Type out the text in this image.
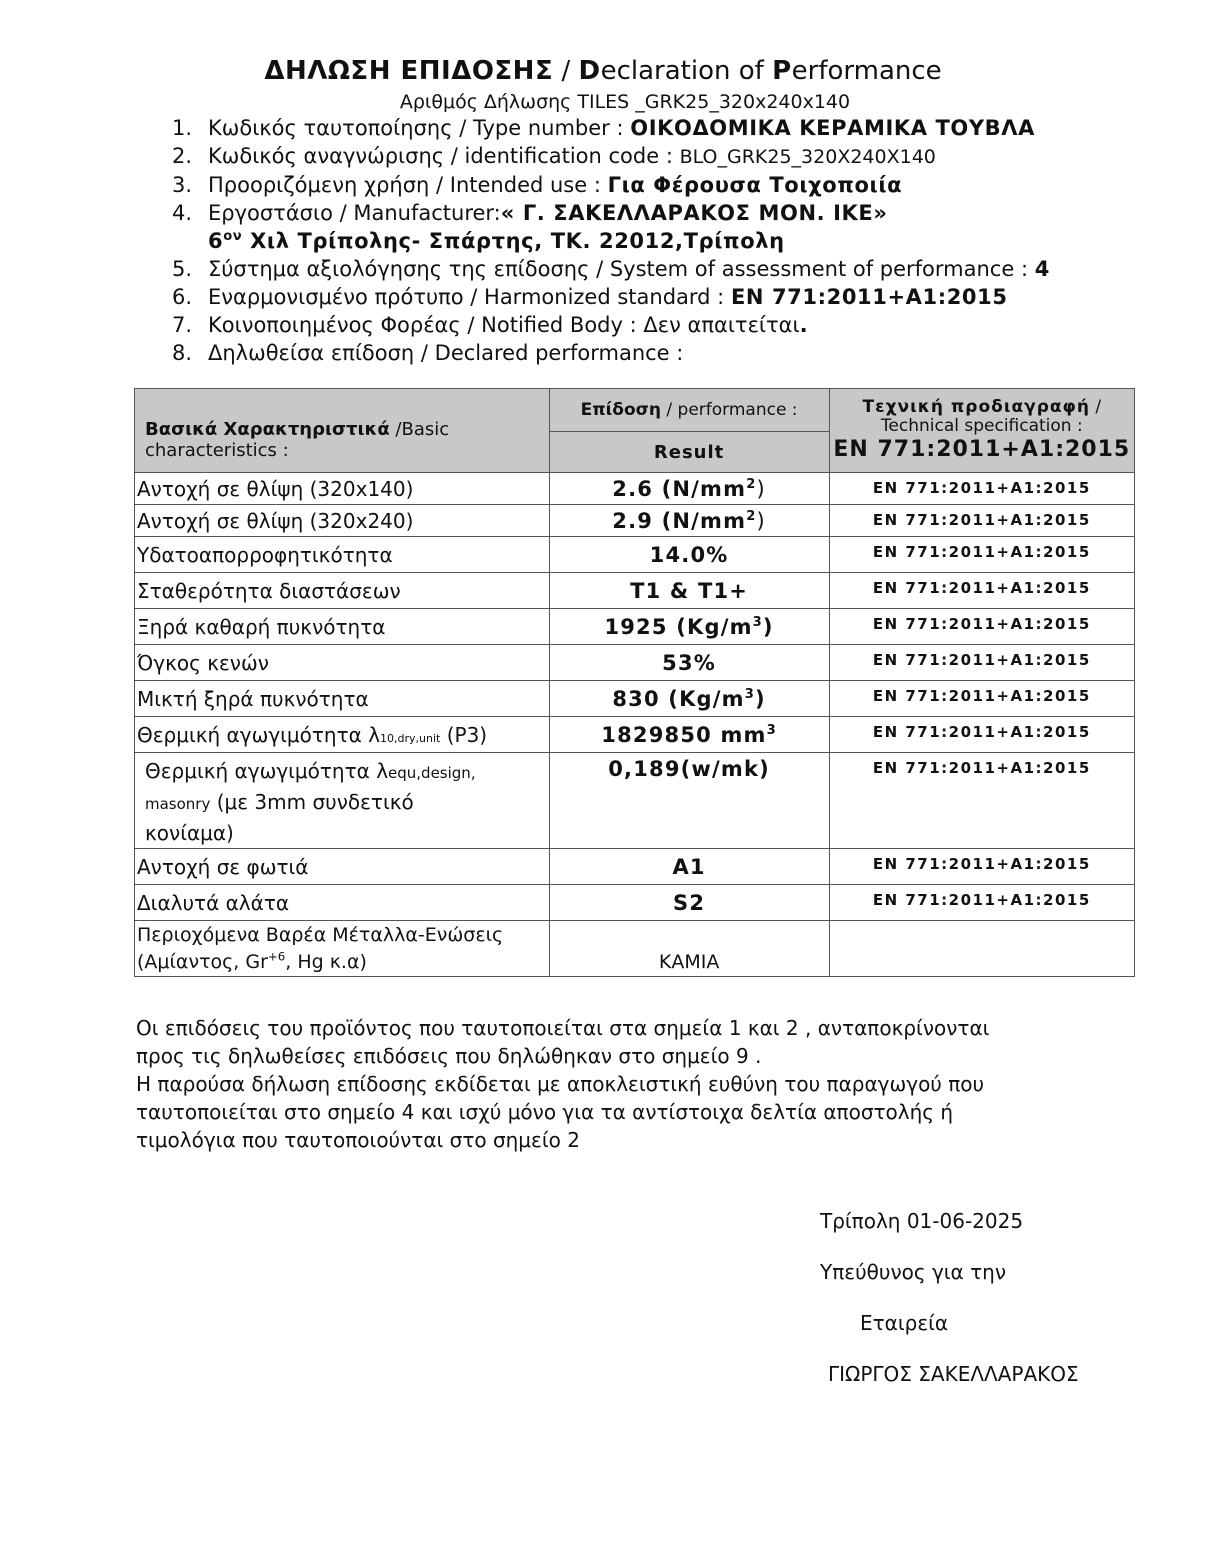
ΔΗΛΩΣΗ ΕΠΙΔΟΣΗΣ / Declaration of Performance
Αριθμός Δήλωσης TILES _GRK25_320x240x140
1. Κωδικός ταυτοποίησης / Type number : ΟΙΚΟΔΟΜΙΚΑ ΚΕΡΑΜΙΚΑ ΤΟΥΒΛΑ
2. Κωδικός αναγνώρισης / identification code : BLO_GRK25_320X240X140
3. Προοριζόμενη χρήση / Intended use : Για Φέρουσα Τοιχοποιία
4. Εργοστάσιο / Manufacturer:« Γ. ΣΑΚΕΛΛΑΡΑΚΟΣ ΜΟΝ. ΙΚΕ»
$6^{o\nu}$ Χιλ Τρίπολης- Σπάρτης, ΤΚ. 22012,Τρίπολη
5. Σύστημα αξιολόγησης της επίδοσης / System of assessment of performance : 4
6. Εναρμονισμένο πρότυπο / Harmonized standard : EN 771:2011+A1:2015
7. Κοινοποιημένος Φορέας / Notified Body : Δεν απαιτείται.
8. Δηλωθείσα επίδοση / Declared performance :
Βασικά Χαρακτηριστικά /Basic characteristics :	Επίδοση / performance :	Τεχνική προδιαγραφή / Technical specification :
EN 771:2011+A1:2015

	Result	
Αντοχή σε θλίψη (320x140)	2.6 $(N/mm^2)$	EN 771:2011+A1:2015
Αντοχή σε θλίψη (320x240)	2.9 $(N/mm^2)$	EN 771:2011+A1:2015
Υδατοαπορροφητικότητα	14.0%	EN 771:2011+A1:2015
Σταθερότητα διαστάσεων	T1 & T1+	EN 771:2011+A1:2015
Ξηρά καθαρή πυκνότητα	1925 $(Kg/m^3)$	EN 771:2011+A1:2015
Όγκος κενών	53%	EN 771:2011+A1:2015
Μικτή ξηρά πυκνότητα	830 $(Kg/m^3)$	EN 771:2011+A1:2015
Θερμική αγωγιμότητα λ10,dry,unit (P3)	1829850 $mm^3$	EN 771:2011+A1:2015
Θερμική αγωγιμότητα λequ,design,
masonry (με 3mm συνδετικό
κονίαμα)	0,189(w/mk)	EN 771:2011+A1:2015
Αντοχή σε φωτιά	A1	EN 771:2011+A1:2015
Διαλυτά αλάτα	S2	EN 771:2011+A1:2015
Περιοχόμενα Βαρέα Μέταλλα-Ενώσεις
(Αμίαντος, $Gr^{+6}$, Hg κ.α)	ΚΑΜΙΑ	
Οι επιδόσεις του προϊόντος που ταυτοποιείται στα σημεία 1 και 2 , ανταποκρίνονται
προς τις δηλωθείσες επιδόσεις που δηλώθηκαν στο σημείο 9 .
Η παρούσα δήλωση επίδοσης εκδίδεται με αποκλειστική ευθύνη του παραγωγού που
ταυτοποιείται στο σημείο 4 και ισχύ μόνο για τα αντίστοιχα δελτία αποστολής ή
τιμολόγια που ταυτοποιούνται στο σημείο 2
Τρίπολη 01-06-2025
Υπεύθυνος για την
Εταιρεία
ΓΙΩΡΓΟΣ ΣΑΚΕΛΛΑΡΑΚΟΣ
